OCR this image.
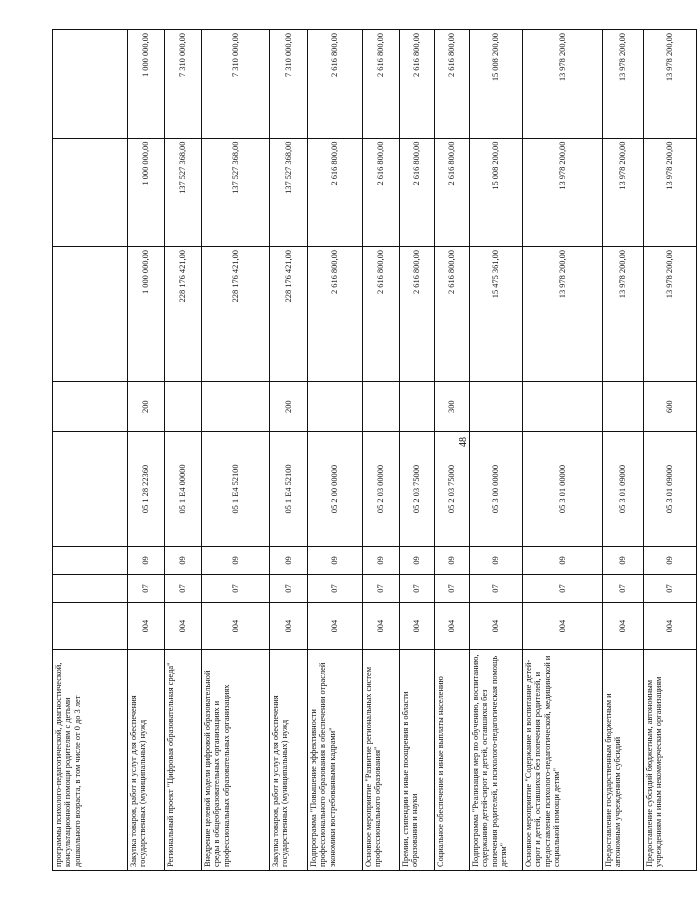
48
программы психолого-педагогической, диагностической, консультационной помощи родителям с детьми дошкольного возраста, в том числе от 0 до 3 лет								
Закупка товаров, работ и услуг для обеспечения государственных (муниципальных) нужд	004	07	09	05 1 28 22360	200	1 000 000,00	1 000 000,00	1 000 000,00
Региональный проект "Цифровая образовательная среда"	004	07	09	05 1 Е4 00000		228 176 421,00	137 527 368,00	7 310 000,00
Внедрение целевой модели цифровой образовательной среды в общеобразовательных организациях и профессиональных образовательных организациях	004	07	09	05 1 Е4 52100		228 176 421,00	137 527 368,00	7 310 000,00
Закупка товаров, работ и услуг для обеспечения государственных (муниципальных) нужд	004	07	09	05 1 Е4 52100	200	228 176 421,00	137 527 368,00	7 310 000,00
Подпрограмма "Повышение эффективности профессионального образования в обеспечении отраслей экономики востребованными кадрами"	004	07	09	05 2 00 00000		2 616 800,00	2 616 800,00	2 616 800,00
Основное мероприятие "Развитие региональных систем профессионального образования"	004	07	09	05 2 03 00000		2 616 800,00	2 616 800,00	2 616 800,00
Премии, стипендии и иные поощрения в области образования и науки	004	07	09	05 2 03 75000		2 616 800,00	2 616 800,00	2 616 800,00
Социальное обеспечение и иные выплаты населению	004	07	09	05 2 03 75000	300	2 616 800,00	2 616 800,00	2 616 800,00
Подпрограмма "Реализация мер по обучению, воспитанию, содержанию детей-сирот и детей, оставшихся без попечения родителей, и психолого-педагогическая помощь детям"	004	07	09	05 3 00 00000		15 475 361,00	15 008 200,00	15 008 200,00
Основное мероприятие "Содержание и воспитание детей-сирот и детей, оставшихся без попечения родителей, и предоставление психолого-педагогической, медицинской и социальной помощи детям"	004	07	09	05 3 01 00000		13 978 200,00	13 978 200,00	13 978 200,00
Предоставление государственным бюджетным и автономным учреждениям субсидий	004	07	09	05 3 01 09000		13 978 200,00	13 978 200,00	13 978 200,00
Предоставление субсидий бюджетным, автономным учреждениям и иным некоммерческим организациям	004	07	09	05 3 01 09000	600	13 978 200,00	13 978 200,00	13 978 200,00
